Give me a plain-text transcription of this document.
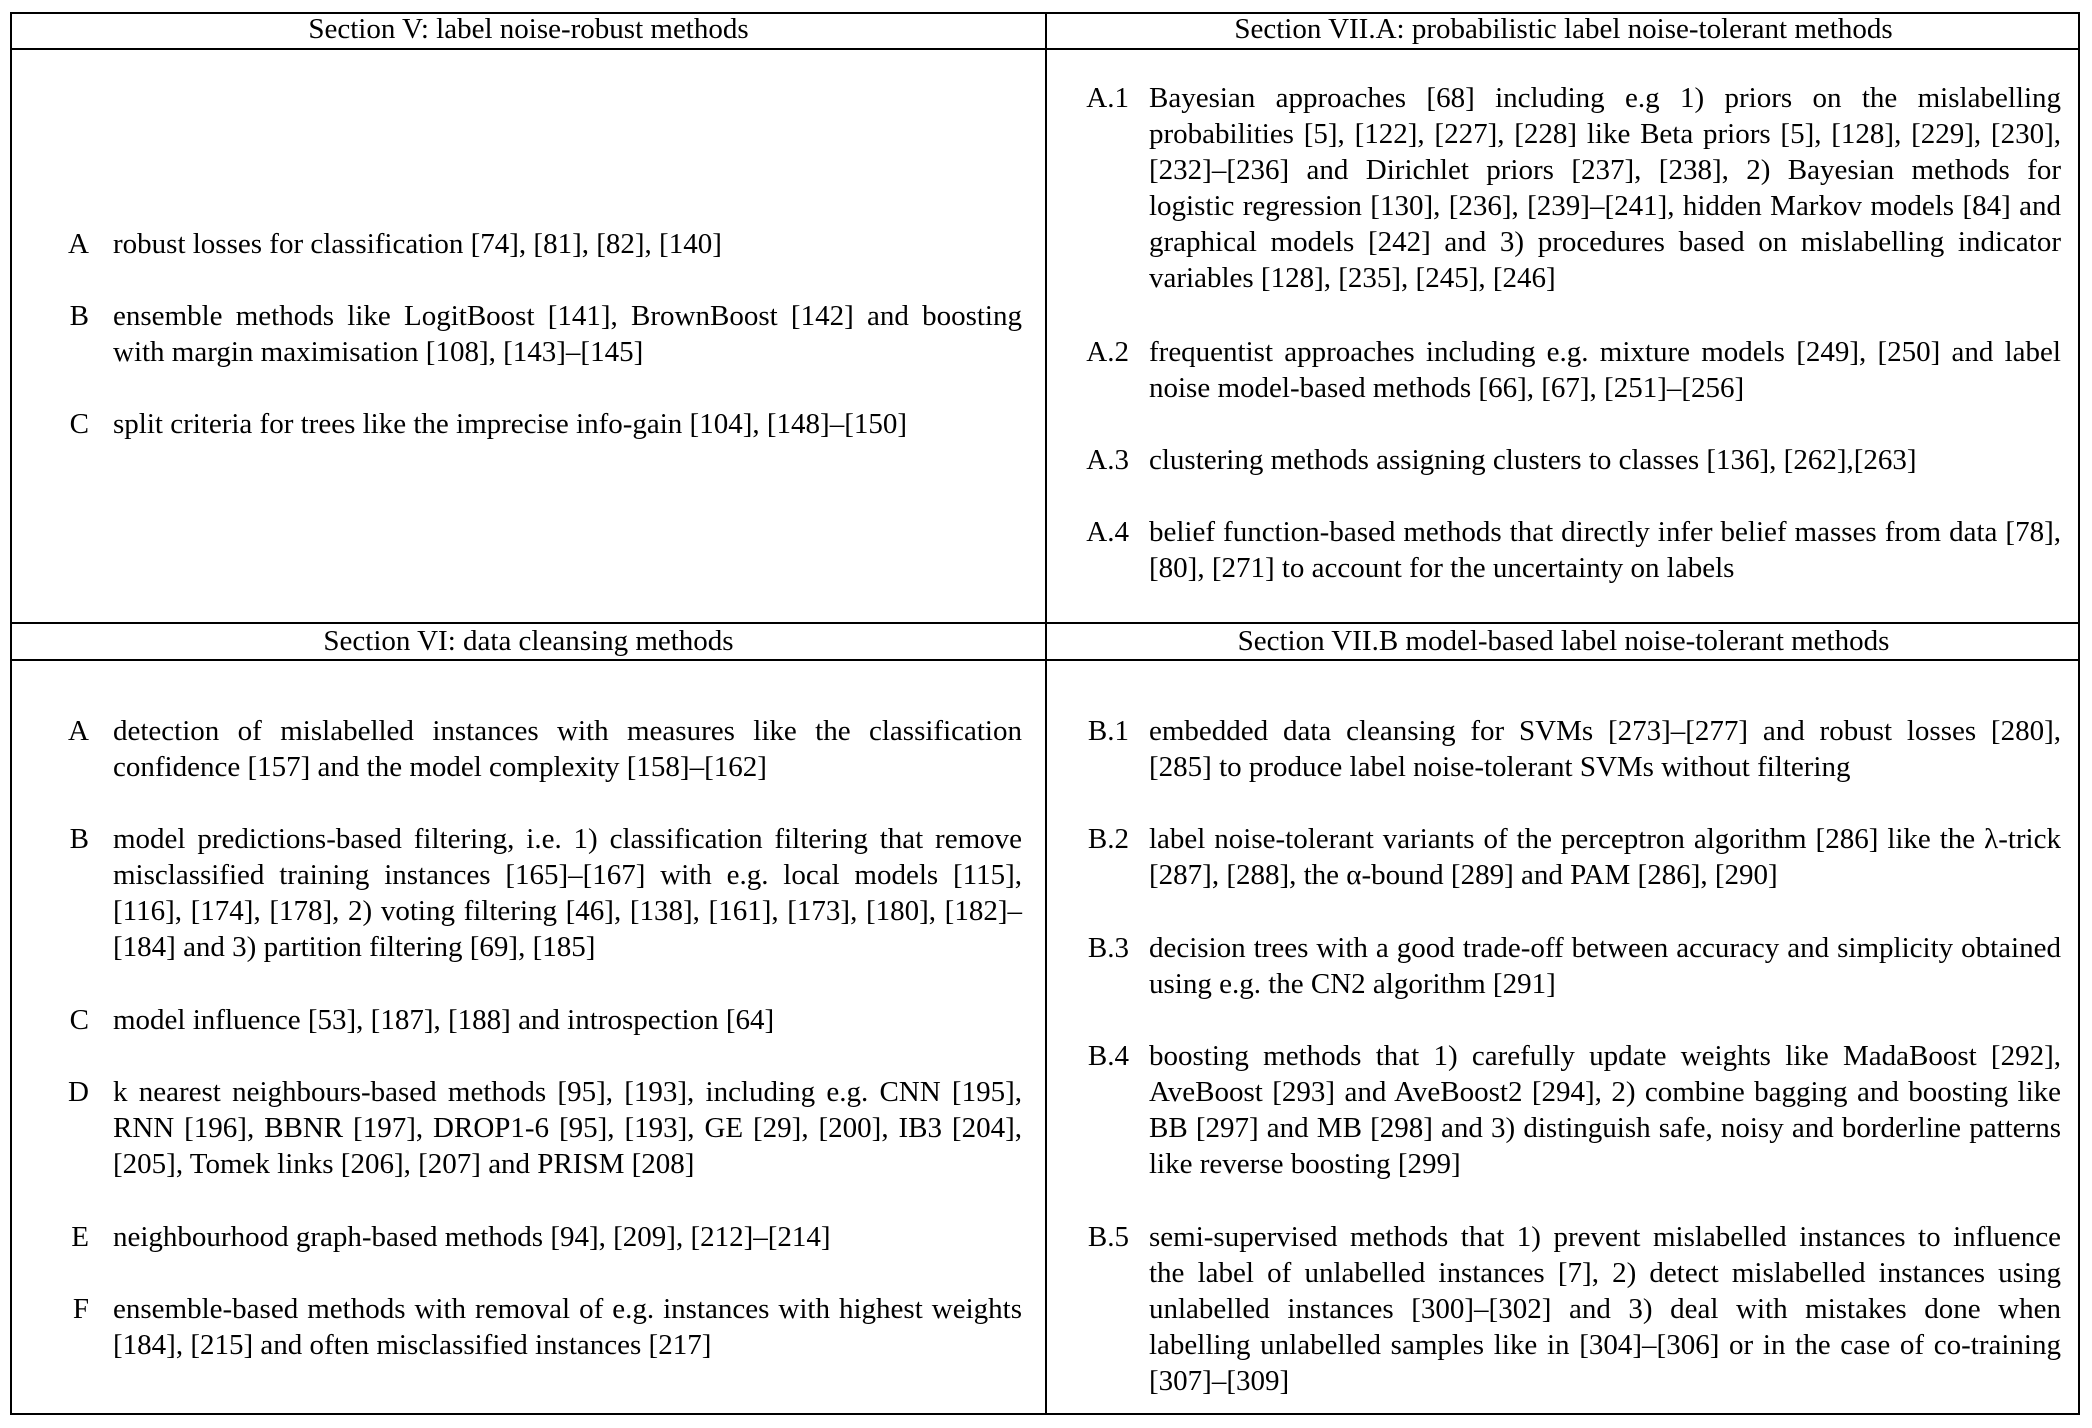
Section V: label noise-robust methods	Section VII.A: probabilistic label noise-tolerant methods
Section VI: data cleansing methods	Section VII.B model-based label noise-tolerant methods
A robust losses for classification [74], [81], [82], [140]
B ensemble methods like LogitBoost [141], BrownBoost [142] and boosting with margin maximisation [108], [143]–[145]
C split criteria for trees like the imprecise info-gain [104], [148]–[150]
A.1 Bayesian approaches [68] including e.g 1) priors on the mislabelling probabilities [5], [122], [227], [228] like Beta priors [5], [128], [229], [230], [232]–[236] and Dirichlet priors [237], [238], 2) Bayesian methods for logistic regression [130], [236], [239]–[241], hidden Markov models [84] and graphical models [242] and 3) procedures based on mislabelling indicator variables [128], [235], [245], [246]
A.2 frequentist approaches including e.g. mixture models [249], [250] and label noise model-based methods [66], [67], [251]–[256]
A.3 clustering methods assigning clusters to classes [136], [262],[263]
A.4 belief function-based methods that directly infer belief masses from data [78], [80], [271] to account for the uncertainty on labels
A detection of mislabelled instances with measures like the classification confidence [157] and the model complexity [158]–[162]
B model predictions-based filtering, i.e. 1) classification filtering that remove misclassified training instances [165]–[167] with e.g. local models [115], [116], [174], [178], 2) voting filtering [46], [138], [161], [173], [180], [182]–[184] and 3) partition filtering [69], [185]
C model influence [53], [187], [188] and introspection [64]
D k nearest neighbours-based methods [95], [193], including e.g. CNN [195], RNN [196], BBNR [197], DROP1-6 [95], [193], GE [29], [200], IB3 [204], [205], Tomek links [206], [207] and PRISM [208]
E neighbourhood graph-based methods [94], [209], [212]–[214]
F ensemble-based methods with removal of e.g. instances with highest weights [184], [215] and often misclassified instances [217]
B.1 embedded data cleansing for SVMs [273]–[277] and robust losses [280], [285] to produce label noise-tolerant SVMs without filtering
B.2 label noise-tolerant variants of the perceptron algorithm [286] like the λ-trick [287], [288], the α-bound [289] and PAM [286], [290]
B.3 decision trees with a good trade-off between accuracy and simplicity obtained using e.g. the CN2 algorithm [291]
B.4 boosting methods that 1) carefully update weights like MadaBoost [292], AveBoost [293] and AveBoost2 [294], 2) combine bagging and boosting like BB [297] and MB [298] and 3) distinguish safe, noisy and borderline patterns like reverse boosting [299]
B.5 semi-supervised methods that 1) prevent mislabelled instances to influence the label of unlabelled instances [7], 2) detect mislabelled instances using unlabelled instances [300]–[302] and 3) deal with mistakes done when labelling unlabelled samples like in [304]–[306] or in the case of co-training [307]–[309]
